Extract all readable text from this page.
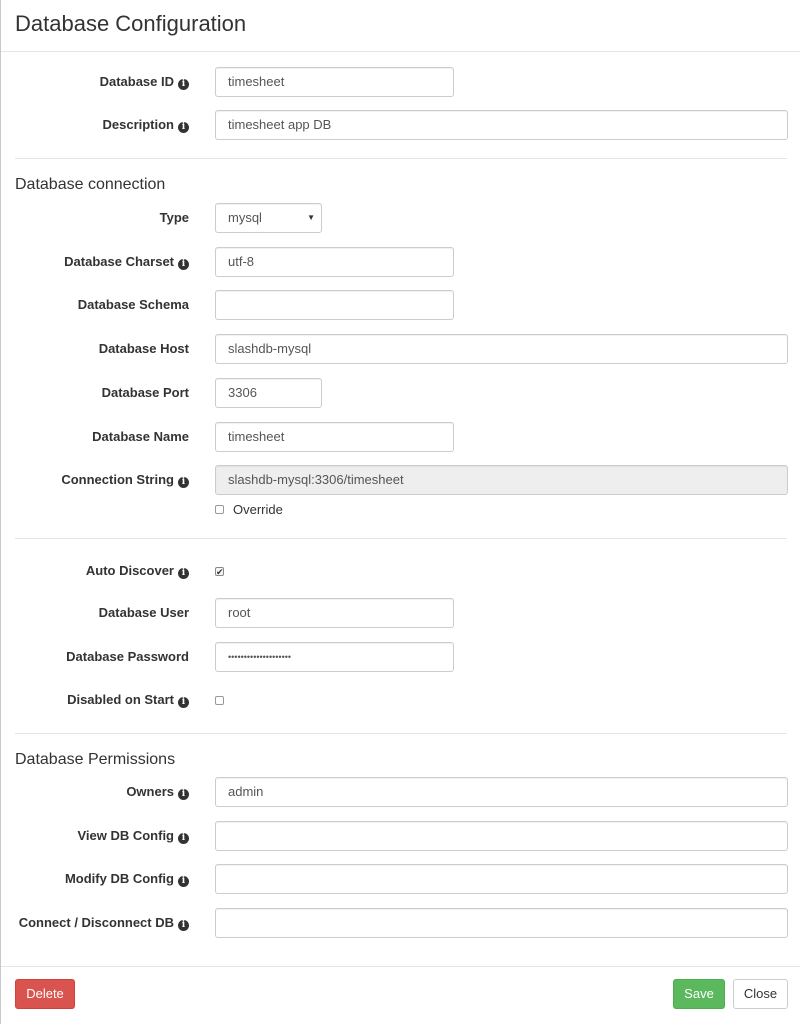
Database Configuration
Database ID i	timesheet
Description i	timesheet app DB
Database connection
Type	mysql	▼
Database Charset i	utf-8
Database Schema
Database Host	slashdb-mysql
Database Port	3306
Database Name	timesheet
Connection String i	slashdb-mysql:3306/timesheet
Override
Auto Discover i	✔
Database User	root
Database Password	••••••••••••••••••••
Disabled on Start i
Database Permissions
Owners i	admin
View DB Config i
Modify DB Config i
Connect / Disconnect DB i
Delete	Save	Close
